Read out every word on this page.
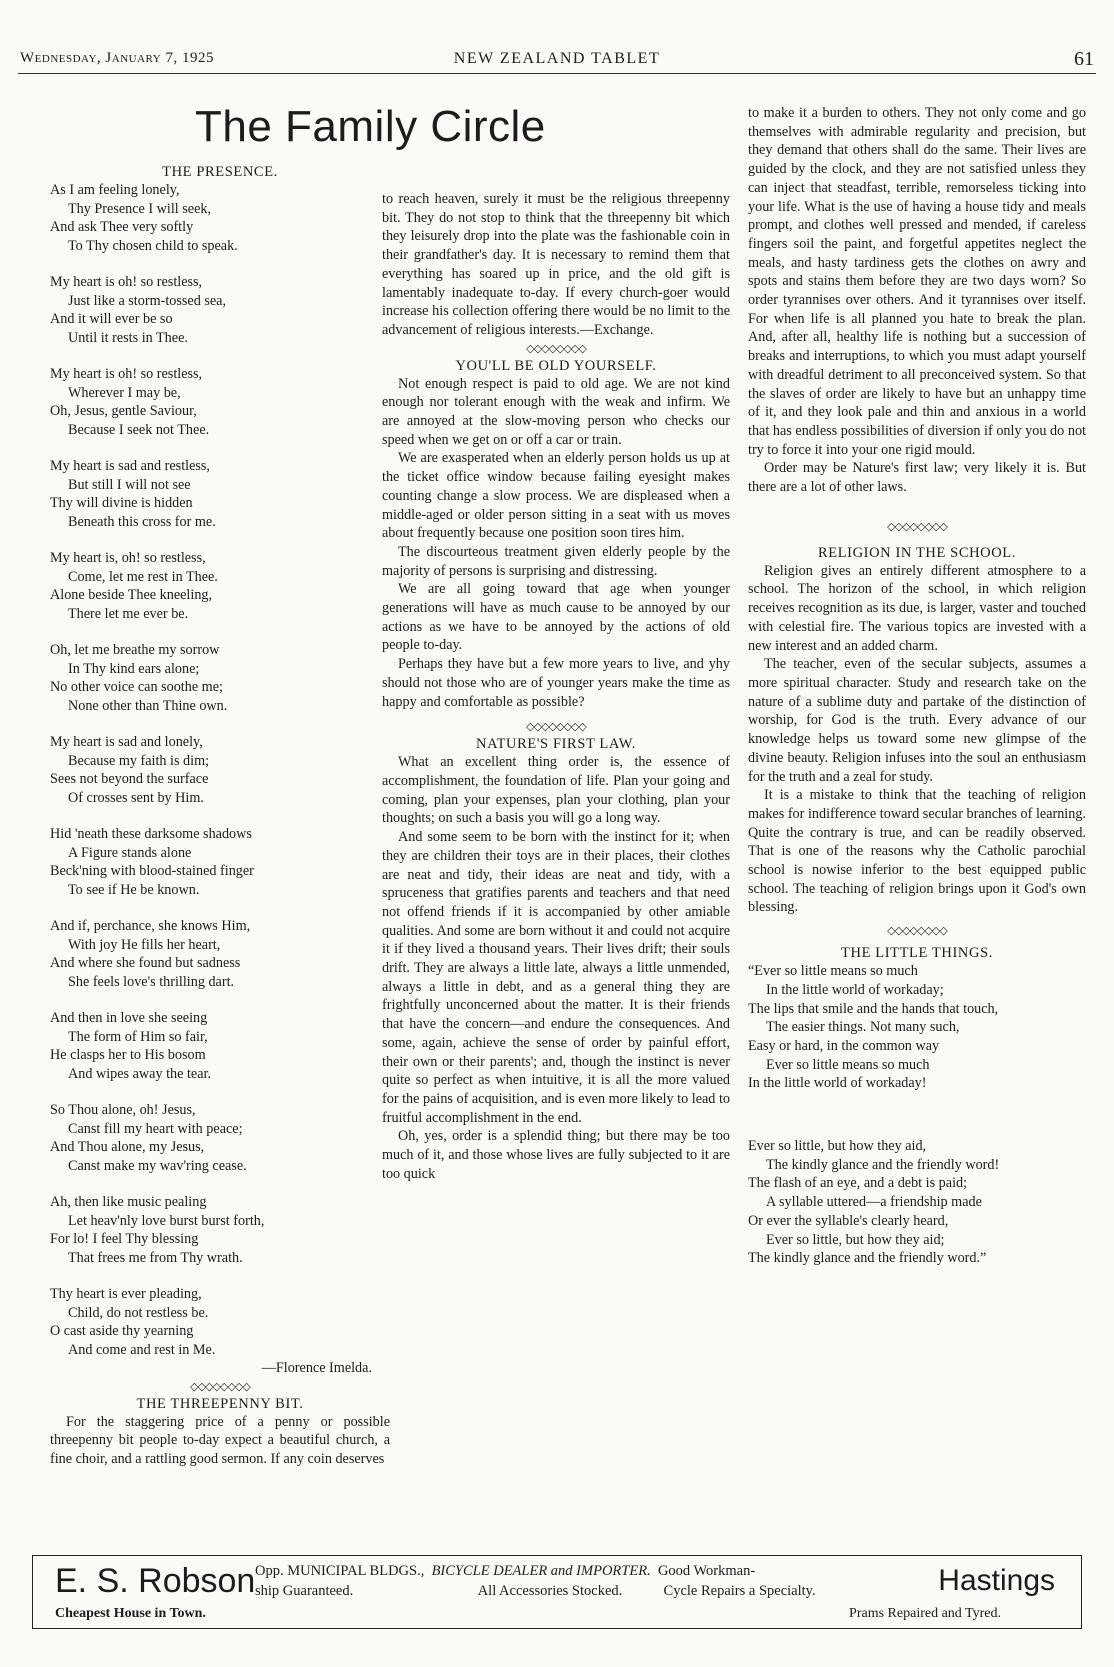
Wednesday, January 7, 1925	NEW ZEALAND TABLET	61
The Family Circle

THE PRESENCE.

As I am feeling lonely,
Thy Presence I will seek,
And ask Thee very softly
To Thy chosen child to speak.
My heart is oh! so restless,
Just like a storm-tossed sea,
And it will ever be so
Until it rests in Thee.
My heart is oh! so restless,
Wherever I may be,
Oh, Jesus, gentle Saviour,
Because I seek not Thee.
My heart is sad and restless,
But still I will not see
Thy will divine is hidden
Beneath this cross for me.
My heart is, oh! so restless,
Come, let me rest in Thee.
Alone beside Thee kneeling,
There let me ever be.
Oh, let me breathe my sorrow
In Thy kind ears alone;
No other voice can soothe me;
None other than Thine own.
My heart is sad and lonely,
Because my faith is dim;
Sees not beyond the surface
Of crosses sent by Him.
Hid 'neath these darksome shadows
A Figure stands alone
Beck'ning with blood-stained finger
To see if He be known.
And if, perchance, she knows Him,
With joy He fills her heart,
And where she found but sadness
She feels love's thrilling dart.
And then in love she seeing
The form of Him so fair,
He clasps her to His bosom
And wipes away the tear.
So Thou alone, oh! Jesus,
Canst fill my heart with peace;
And Thou alone, my Jesus,
Canst make my wav'ring cease.
Ah, then like music pealing
Let heav'nly love burst burst forth,
For lo! I feel Thy blessing
That frees me from Thy wrath.
Thy heart is ever pleading,
Child, do not restless be.
O cast aside thy yearning
And come and rest in Me.
—Florence Imelda.
◇◇◇◇◇◇◇◇

THE THREEPENNY BIT.

For the staggering price of a penny or possible threepenny bit people to-day expect a beautiful church, a fine choir, and a rattling good sermon. If any coin deserves

to reach heaven, surely it must be the religious threepenny bit. They do not stop to think that the threepenny bit which they leisurely drop into the plate was the fashionable coin in their grandfather's day. It is necessary to remind them that everything has soared up in price, and the old gift is lamentably inadequate to-day. If every church-goer would increase his collection offering there would be no limit to the advancement of religious interests.—Exchange.

◇◇◇◇◇◇◇◇

YOU'LL BE OLD YOURSELF.

Not enough respect is paid to old age. We are not kind enough nor tolerant enough with the weak and infirm. We are annoyed at the slow-moving person who checks our speed when we get on or off a car or train.

We are exasperated when an elderly person holds us up at the ticket office window because failing eyesight makes counting change a slow process. We are displeased when a middle-aged or older person sitting in a seat with us moves about frequently because one position soon tires him.

The discourteous treatment given elderly people by the majority of persons is surprising and distressing.

We are all going toward that age when younger generations will have as much cause to be annoyed by our actions as we have to be annoyed by the actions of old people to-day.

Perhaps they have but a few more years to live, and yhy should not those who are of younger years make the time as happy and comfortable as possible?

◇◇◇◇◇◇◇◇

NATURE'S FIRST LAW.

What an excellent thing order is, the essence of accomplishment, the foundation of life. Plan your going and coming, plan your expenses, plan your clothing, plan your thoughts; on such a basis you will go a long way.

And some seem to be born with the instinct for it; when they are children their toys are in their places, their clothes are neat and tidy, their ideas are neat and tidy, with a spruceness that gratifies parents and teachers and that need not offend friends if it is accompanied by other amiable qualities. And some are born without it and could not acquire it if they lived a thousand years. Their lives drift; their souls drift. They are always a little late, always a little unmended, always a little in debt, and as a general thing they are frightfully unconcerned about the matter. It is their friends that have the concern—and endure the consequences. And some, again, achieve the sense of order by painful effort, their own or their parents'; and, though the instinct is never quite so perfect as when intuitive, it is all the more valued for the pains of acquisition, and is even more likely to lead to fruitful accomplishment in the end.

Oh, yes, order is a splendid thing; but there may be too much of it, and those whose lives are fully subjected to it are too quick

to make it a burden to others. They not only come and go themselves with admirable regularity and precision, but they demand that others shall do the same. Their lives are guided by the clock, and they are not satisfied unless they can inject that steadfast, terrible, remorseless ticking into your life. What is the use of having a house tidy and meals prompt, and clothes well pressed and mended, if careless fingers soil the paint, and forgetful appetites neglect the meals, and hasty tardiness gets the clothes on awry and spots and stains them before they are two days worn? So order tyrannises over others. And it tyrannises over itself. For when life is all planned you hate to break the plan. And, after all, healthy life is nothing but a succession of breaks and interruptions, to which you must adapt yourself with dreadful detriment to all preconceived system. So that the slaves of order are likely to have but an unhappy time of it, and they look pale and thin and anxious in a world that has endless possibilities of diversion if only you do not try to force it into your one rigid mould.

Order may be Nature's first law; very likely it is. But there are a lot of other laws.

◇◇◇◇◇◇◇◇

RELIGION IN THE SCHOOL.

Religion gives an entirely different atmosphere to a school. The horizon of the school, in which religion receives recognition as its due, is larger, vaster and touched with celestial fire. The various topics are invested with a new interest and an added charm.

The teacher, even of the secular subjects, assumes a more spiritual character. Study and research take on the nature of a sublime duty and partake of the distinction of worship, for God is the truth. Every advance of our knowledge helps us toward some new glimpse of the divine beauty. Religion infuses into the soul an enthusiasm for the truth and a zeal for study.

It is a mistake to think that the teaching of religion makes for indifference toward secular branches of learning. Quite the contrary is true, and can be readily observed. That is one of the reasons why the Catholic parochial school is nowise inferior to the best equipped public school. The teaching of religion brings upon it God's own blessing.

◇◇◇◇◇◇◇◇

THE LITTLE THINGS.

“Ever so little means so much
In the little world of workaday;
The lips that smile and the hands that touch,
The easier things. Not many such,
Easy or hard, in the common way
Ever so little means so much
In the little world of workaday!
Ever so little, but how they aid,
The kindly glance and the friendly word!
The flash of an eye, and a debt is paid;
A syllable uttered—a friendship made
Or ever the syllable's clearly heard,
Ever so little, but how they aid;
The kindly glance and the friendly word.”
E. S. Robson
Cheapest House in Town.
Opp. MUNICIPAL BLDGS., BICYCLE DEALER and IMPORTER. Good Workman-
ship Guaranteed.	All Accessories Stocked.	Cycle Repairs a Specialty.
Prams Repaired and Tyred.
Hastings
